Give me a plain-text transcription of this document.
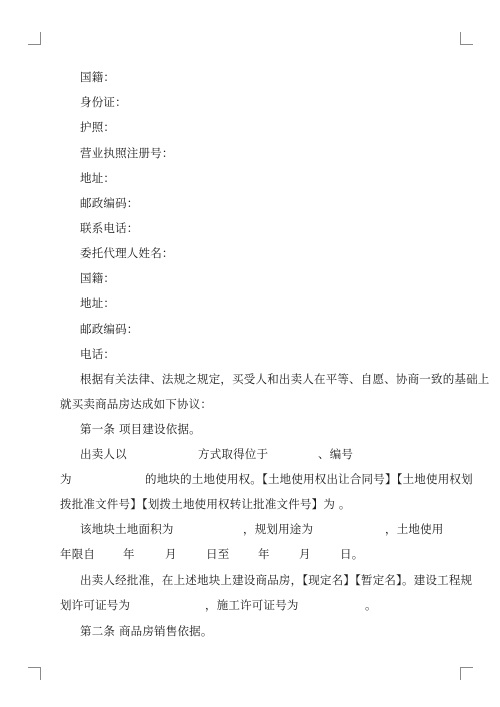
国籍：
身份证：
护照：
营业执照注册号：
地址：
邮政编码：
联系电话：
委托代理人姓名：
国籍：
地址：
邮政编码：
电话：
根据有关法律、法规之规定，买受人和出卖人在平等、自愿、协商一致的基础上
就买卖商品房达成如下协议：
第一条 项目建设依据。
出卖人以	方式取得位于	、编号
为	的地块的土地使用权。【土地使用权出让合同号】【土地使用权划
拨批准文件号】【划拨土地使用权转让批准文件号】为 。
该地块土地面积为	，规划用途为	，土地使用
年限自 年	月	日至 年	月	日。
出卖人经批准，在上述地块上建设商品房，【现定名】【暂定名】。建设工程规
划许可证号为	，施工许可证号为	。
第二条 商品房销售依据。
